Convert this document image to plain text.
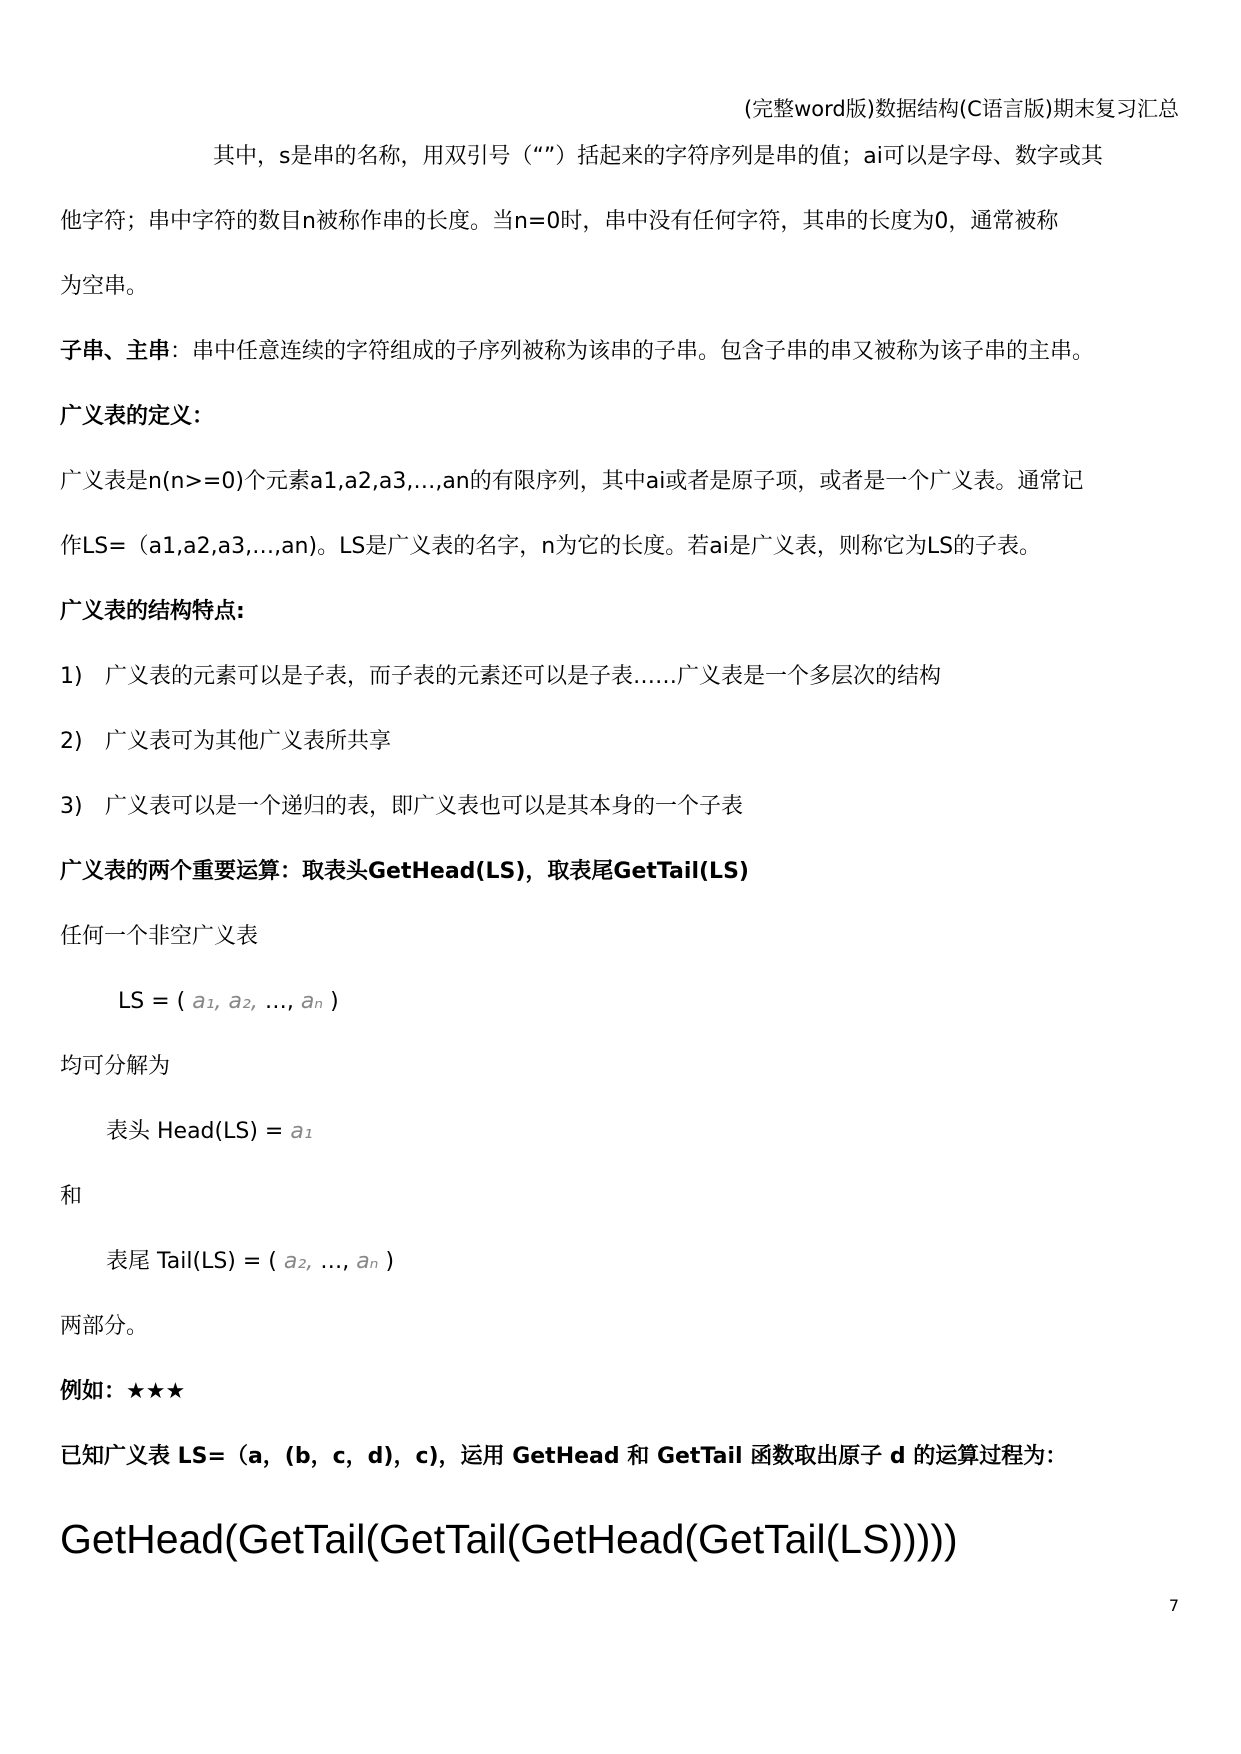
(完整word版)数据结构(C语言版)期末复习汇总
其中，s是串的名称，用双引号（“”）括起来的字符序列是串的值；ai可以是字母、数字或其
他字符；串中字符的数目n被称作串的长度。当n=0时，串中没有任何字符，其串的长度为0，通常被称
为空串。
子串、主串：串中任意连续的字符组成的子序列被称为该串的子串。包含子串的串又被称为该子串的主串。
广义表的定义：
广义表是n(n>=0)个元素a1,a2,a3,…,an的有限序列，其中ai或者是原子项，或者是一个广义表。通常记
作LS=（a1,a2,a3,…,an)。LS是广义表的名字，n为它的长度。若ai是广义表，则称它为LS的子表。
广义表的结构特点:
1) 广义表的元素可以是子表，而子表的元素还可以是子表……广义表是一个多层次的结构
2) 广义表可为其他广义表所共享
3) 广义表可以是一个递归的表，即广义表也可以是其本身的一个子表
广义表的两个重要运算：取表头GetHead(LS)，取表尾GetTail(LS)
任何一个非空广义表
LS = ( a₁, a₂, …, aₙ )
均可分解为
表头 Head(LS) = a₁
和
表尾 Tail(LS) = ( a₂, …, aₙ )
两部分。
例如：★★★
已知广义表 LS=（a，(b，c，d)，c)，运用 GetHead 和 GetTail 函数取出原子 d 的运算过程为：
GetHead(GetTail(GetTail(GetHead(GetTail(LS)))))
7
